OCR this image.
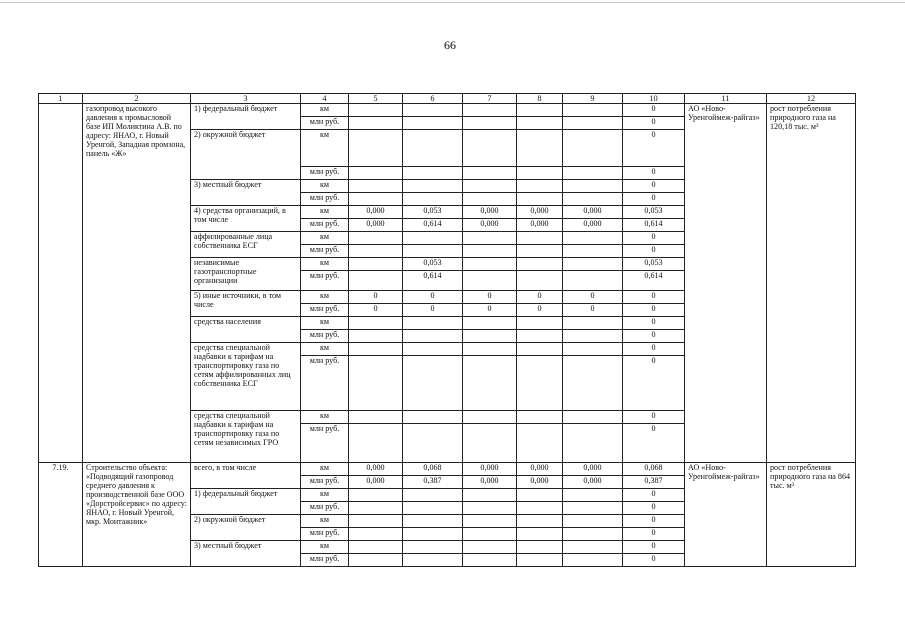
66
1	2	3	4	5	6	7	8	9	10	11	12
	газопровод высокого давления к промысловой базе ИП Моликтина А.В. по адресу: ЯНАО, г. Новый Уренгой, Западная промзона, панель «Ж»	1) федеральный бюджет	км						0	АО «Ново-Уренгоймеж-райгаз»	рост потребления природного газа на 120,18 тыс. м³
			млн руб.						0		
		2) окружной бюджет	км						0		
			млн руб.						0		
		3) местный бюджет	км						0		
			млн руб.						0		
		4) средства организаций, в том числе	км	0,000	0,053	0,000	0,000	0,000	0,053		
			млн руб.	0,000	0,614	0,000	0,000	0,000	0,614		
		аффилированные лица собственника ЕСГ	км						0		
			млн руб.						0		
		независимые газотранспортные организации	км		0,053				0,053		
			млн руб.		0,614				0,614		
		5) иные источники, в том числе	км	0	0	0	0	0	0		
			млн руб.	0	0	0	0	0	0		
		средства населения	км						0		
			млн руб.						0		
		средства специальной надбавки к тарифам на транспортировку газа по сетям аффилированных лиц собственника ЕСГ	км						0		
			млн руб.						0		
		средства специальной надбавки к тарифам на транспортировку газа по сетям независимых ГРО	км						0		
			млн руб.						0		
7.19.	Строительство объекта: «Подводящий газопровод среднего давления к производственной базе ООО «Дорстройсервис» по адресу: ЯНАО, г. Новый Уренгой, мкр. Монтажник»	всего, в том числе	км	0,000	0,068	0,000	0,000	0,000	0,068	АО «Ново-Уренгоймеж-райгаз»	рост потребления природного газа на 864 тыс. м³
			млн руб.	0,000	0,387	0,000	0,000	0,000	0,387		
		1) федеральный бюджет	км						0		
			млн руб.						0		
		2) окружной бюджет	км						0		
			млн руб.						0		
		3) местный бюджет	км						0		
			млн руб.						0		
